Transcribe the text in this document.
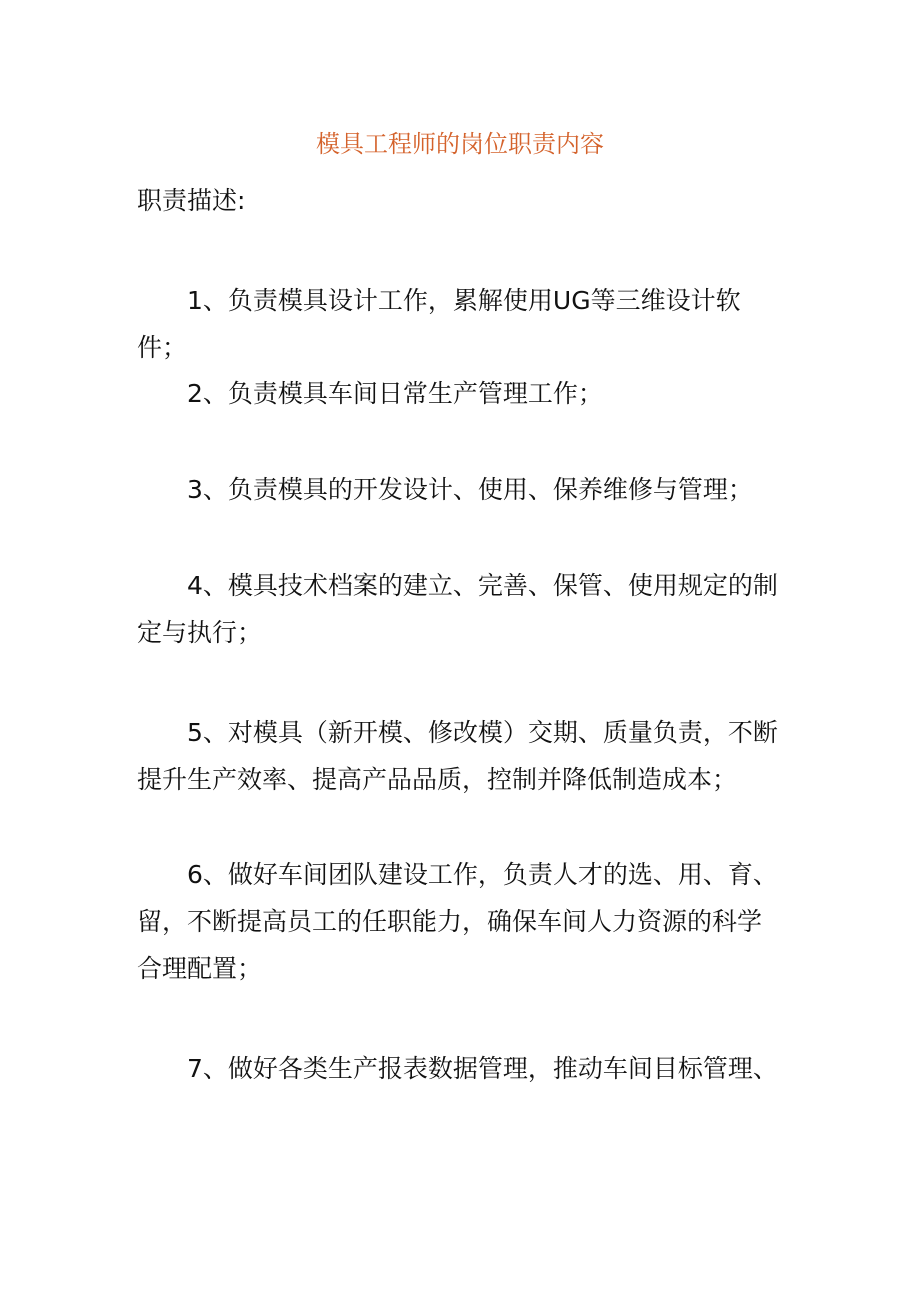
模具工程师的岗位职责内容
职责描述:

1、负责模具设计工作，累解使用UG等三维设计软件；

2、负责模具车间日常生产管理工作；

3、负责模具的开发设计、使用、保养维修与管理；

4、模具技术档案的建立、完善、保管、使用规定的制定与执行；

5、对模具（新开模、修改模）交期、质量负责，不断提升生产效率、提高产品品质，控制并降低制造成本；

6、做好车间团队建设工作，负责人才的选、用、育、留，不断提高员工的任职能力，确保车间人力资源的科学合理配置；

7、做好各类生产报表数据管理，推动车间目标管理、
